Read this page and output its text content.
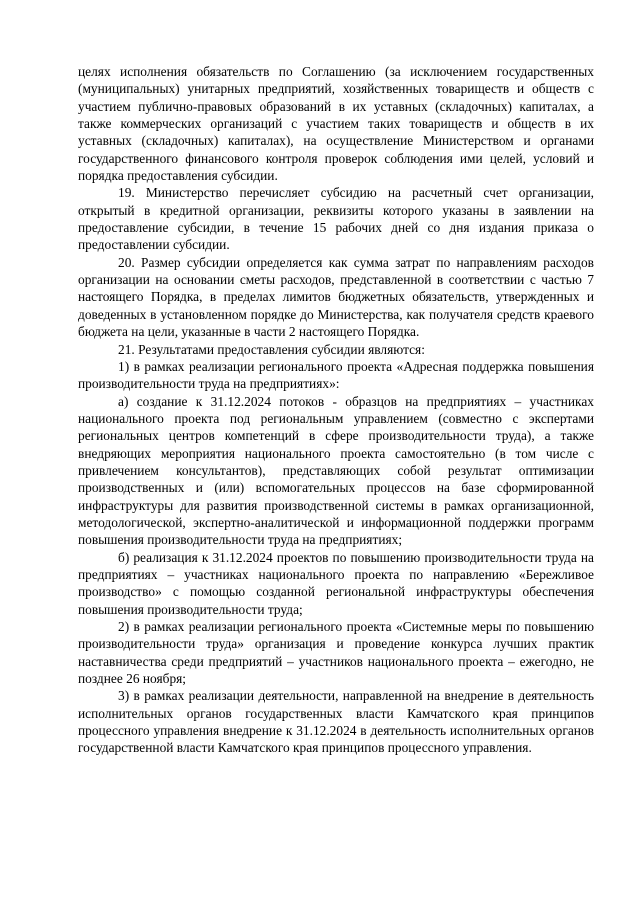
целях исполнения обязательств по Соглашению (за исключением государственных (муниципальных) унитарных предприятий, хозяйственных товариществ и обществ с участием публично-правовых образований в их уставных (складочных) капиталах, а также коммерческих организаций с участием таких товариществ и обществ в их уставных (складочных) капиталах), на осуществление Министерством и органами государственного финансового контроля проверок соблюдения ими целей, условий и порядка предоставления субсидии.

19. Министерство перечисляет субсидию на расчетный счет организации, открытый в кредитной организации, реквизиты которого указаны в заявлении на предоставление субсидии, в течение 15 рабочих дней со дня издания приказа о предоставлении субсидии.

20. Размер субсидии определяется как сумма затрат по направлениям расходов организации на основании сметы расходов, представленной в соответствии с частью 7 настоящего Порядка, в пределах лимитов бюджетных обязательств, утвержденных и доведенных в установленном порядке до Министерства, как получателя средств краевого бюджета на цели, указанные в части 2 настоящего Порядка.

21. Результатами предоставления субсидии являются:

1) в рамках реализации регионального проекта «Адресная поддержка повышения производительности труда на предприятиях»:

а) создание к 31.12.2024 потоков - образцов на предприятиях – участниках национального проекта под региональным управлением (совместно с экспертами региональных центров компетенций в сфере производительности труда), а также внедряющих мероприятия национального проекта самостоятельно (в том числе с привлечением консультантов), представляющих собой результат оптимизации производственных и (или) вспомогательных процессов на базе сформированной инфраструктуры для развития производственной системы в рамках организационной, методологической, экспертно-аналитической и информационной поддержки программ повышения производительности труда на предприятиях;

б) реализация к 31.12.2024 проектов по повышению производительности труда на предприятиях – участниках национального проекта по направлению «Бережливое производство» с помощью созданной региональной инфраструктуры обеспечения повышения производительности труда;

2) в рамках реализации регионального проекта «Системные меры по повышению производительности труда» организация и проведение конкурса лучших практик наставничества среди предприятий – участников национального проекта – ежегодно, не позднее 26 ноября;

3) в рамках реализации деятельности, направленной на внедрение в деятельность исполнительных органов государственных власти Камчатского края принципов процессного управления внедрение к 31.12.2024 в деятельность исполнительных органов государственной власти Камчатского края принципов процессного управления.
